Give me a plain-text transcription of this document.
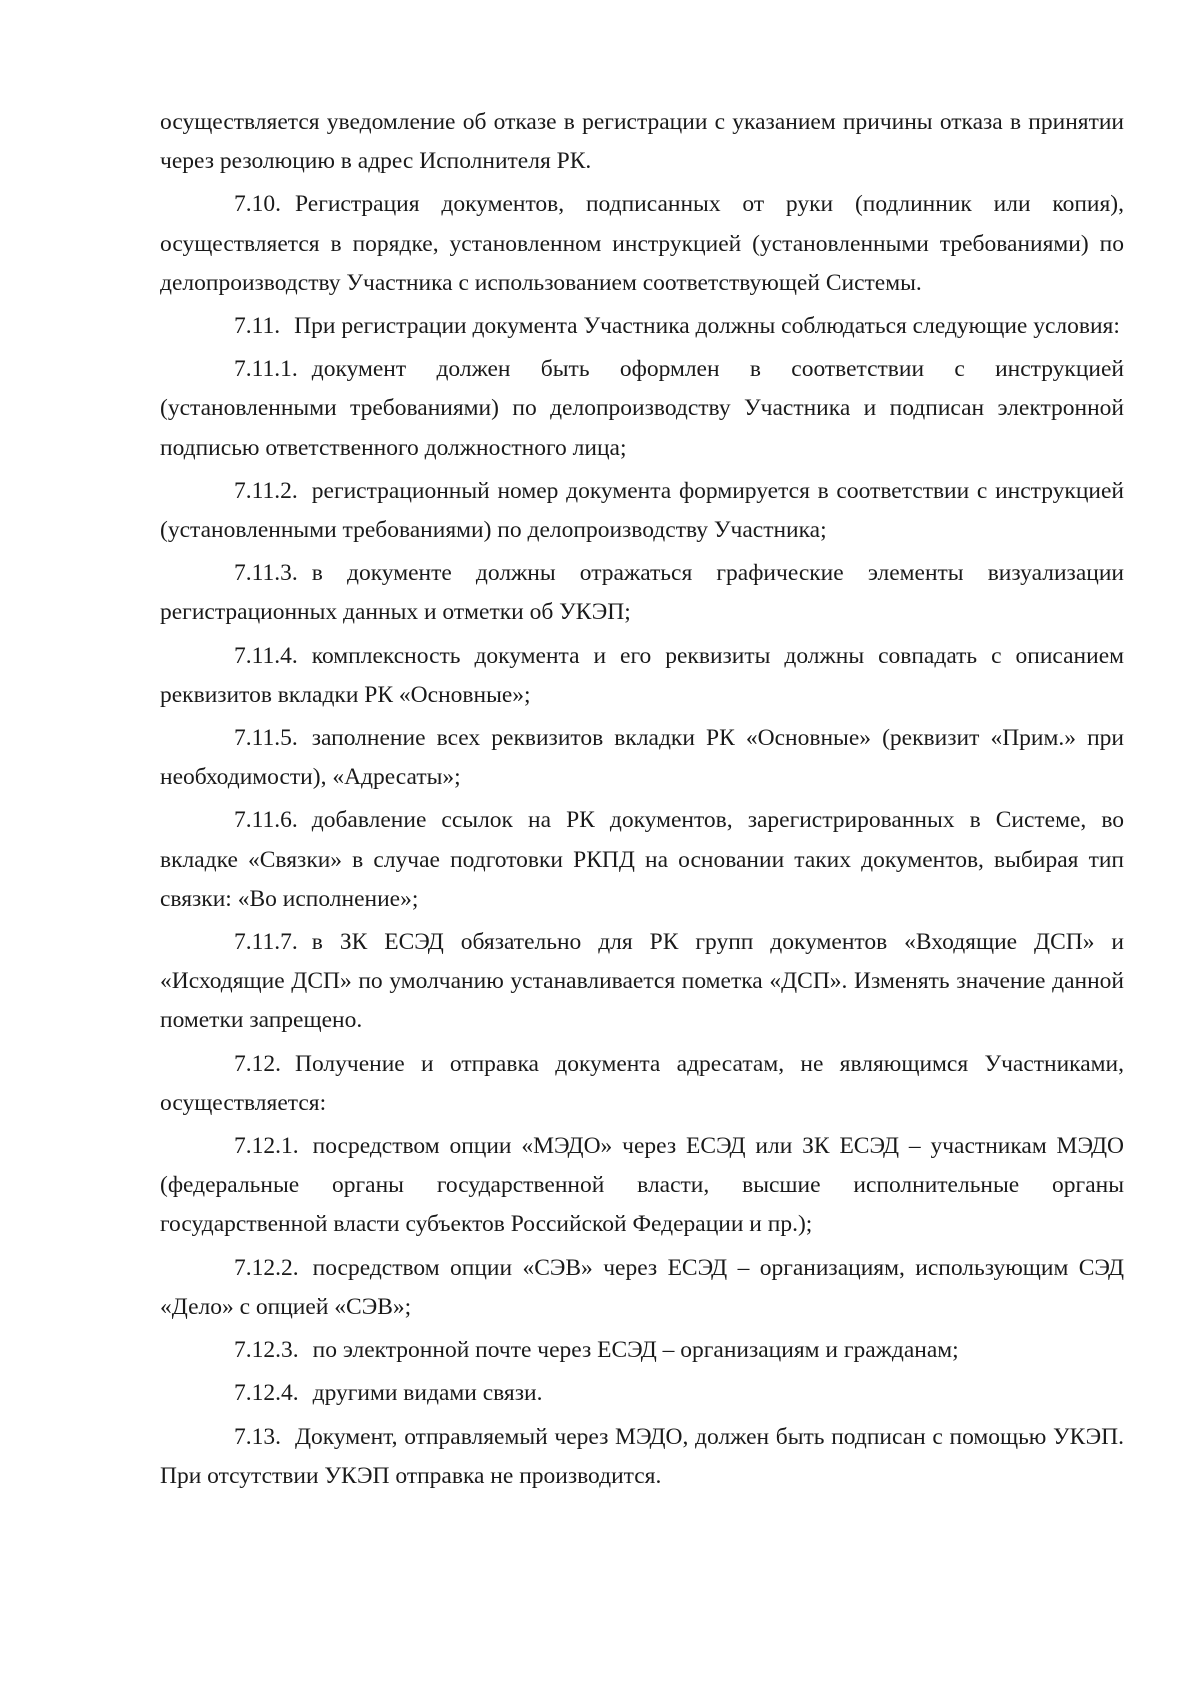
осуществляется уведомление об отказе в регистрации с указанием причины отказа в принятии через резолюцию в адрес Исполнителя РК.

7.10. Регистрация документов, подписанных от руки (подлинник или копия), осуществляется в порядке, установленном инструкцией (установленными требованиями) по делопроизводству Участника с использованием соответствующей Системы.

7.11. При регистрации документа Участника должны соблюдаться следующие условия:

7.11.1. документ должен быть оформлен в соответствии с инструкцией (установленными требованиями) по делопроизводству Участника и подписан электронной подписью ответственного должностного лица;

7.11.2. регистрационный номер документа формируется в соответствии с инструкцией (установленными требованиями) по делопроизводству Участника;

7.11.3. в документе должны отражаться графические элементы визуализации регистрационных данных и отметки об УКЭП;

7.11.4. комплексность документа и его реквизиты должны совпадать с описанием реквизитов вкладки РК «Основные»;

7.11.5. заполнение всех реквизитов вкладки РК «Основные» (реквизит «Прим.» при необходимости), «Адресаты»;

7.11.6. добавление ссылок на РК документов, зарегистрированных в Системе, во вкладке «Связки» в случае подготовки РКПД на основании таких документов, выбирая тип связки: «Во исполнение»;

7.11.7. в ЗК ЕСЭД обязательно для РК групп документов «Входящие ДСП» и «Исходящие ДСП» по умолчанию устанавливается пометка «ДСП». Изменять значение данной пометки запрещено.

7.12. Получение и отправка документа адресатам, не являющимся Участниками, осуществляется:

7.12.1. посредством опции «МЭДО» через ЕСЭД или ЗК ЕСЭД – участникам МЭДО (федеральные органы государственной власти, высшие исполнительные органы государственной власти субъектов Российской Федерации и пр.);

7.12.2. посредством опции «СЭВ» через ЕСЭД – организациям, использующим СЭД «Дело» с опцией «СЭВ»;

7.12.3. по электронной почте через ЕСЭД – организациям и гражданам;

7.12.4. другими видами связи.

7.13. Документ, отправляемый через МЭДО, должен быть подписан с помощью УКЭП. При отсутствии УКЭП отправка не производится.
